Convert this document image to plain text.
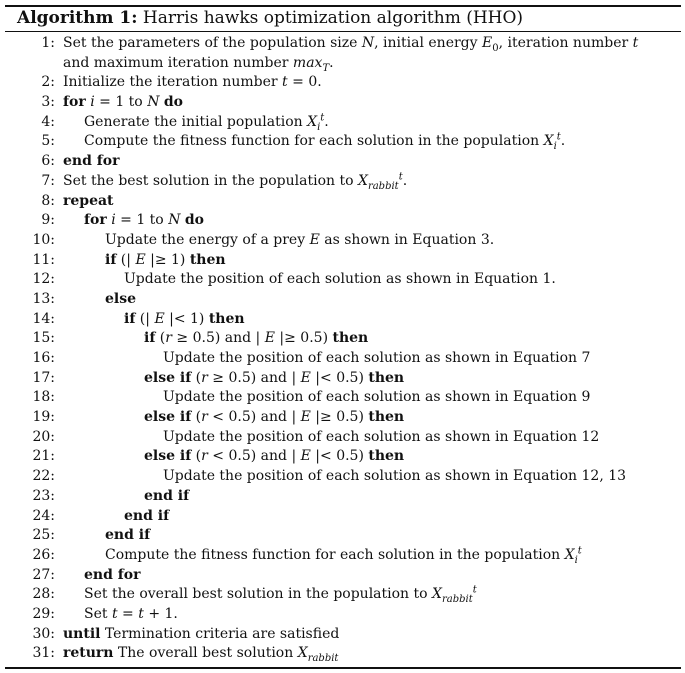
Algorithm 1: Harris hawks optimization algorithm (HHO)
1: Set the parameters of the population size N, initial energy $E_0$, iteration number t
and maximum iteration number $\max_T$.
2: Initialize the iteration number t = 0.
3: for i = 1 to N do
4: Generate the initial population $X_i^t$.
5: Compute the fitness function for each solution in the population $X_i^t$.
6: end for
7: Set the best solution in the population to $X_{rabbit}^t$.
8: repeat
9: for i = 1 to N do
10:	Update the energy of a prey E as shown in Equation 3.
11:	if (| E |≥ 1) then
12:	Update the position of each solution as shown in Equation 1.
13:	else
14:	if (| E |< 1) then
15:	if (r ≥ 0.5) and | E |≥ 0.5) then
16:	Update the position of each solution as shown in Equation 7
17:	else if (r ≥ 0.5) and | E |< 0.5) then
18:	Update the position of each solution as shown in Equation 9
19:	else if (r < 0.5) and | E |≥ 0.5) then
20:	Update the position of each solution as shown in Equation 12
21:	else if (r < 0.5) and | E |< 0.5) then
22:	Update the position of each solution as shown in Equation 12, 13
23:	end if
24:	end if
25:	end if
26:	Compute the fitness function for each solution in the population $X_i^t$
27: end for
28: Set the overall best solution in the population to $X_{rabbit}^t$
29: Set t = t + 1.
30: until Termination criteria are satisfied
31: return The overall best solution $X_{rabbit}$
